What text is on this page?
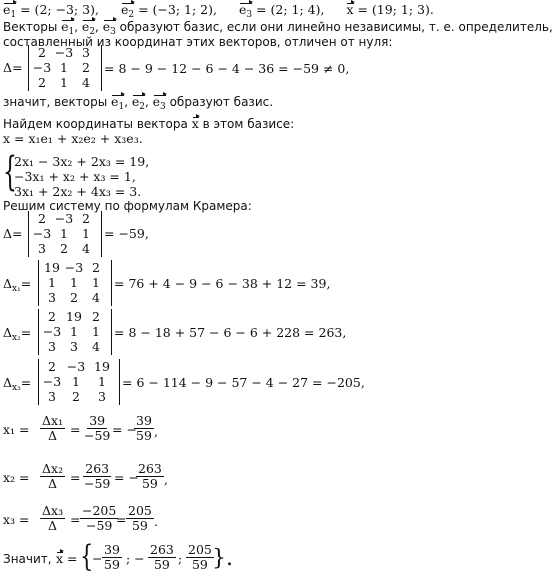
$e_1 = (2$; −3; 3), $e_2 = (-3$; 1; 2), $e_3 = (2$; 1; 4), x = (19; 1; 3).
Векторы $e_1$, $e_2$, $e_3$ образуют базис, если они линейно независимы, т. е. определитель,
составленный из координат этих векторов, отличен от нуля:
Δ=
2 −3 3
−3 1	2
2	1	4
= 8 − 9 − 12 − 6 − 4 − 36 = −59 ≠ 0,
значит, векторы $e_1$, $e_2$, $e_3$ образуют базис.
Найдем координаты вектора x в этом базисе:
x = x₁e₁ + x₂e₂ + x₃e₃.
{
2x₁ − 3x₂ + 2x₃ = 19,
−3x₁ + x₂ + x₃ = 1,
3x₁ + 2x₂ + 4x₃ = 3.
Решим систему по формулам Крамера:
Δ=
2 −3 2
−3 1	1
3	2	4
= −59,
$\Delta_{x_1}=$
19 −3 2
1	1	1
3	2	4
= 76 + 4 − 9 − 6 − 38 + 12 = 39,
$\Delta_{x_2}=$
2 19 2
−3 1	1
3	3	4
= 8 − 18 + 57 − 6 − 6 + 228 = 263,
$\Delta_{x_3}=$
2 −3 19
−3 1	1
3	2	3
= 6 − 114 − 9 − 57 − 4 − 27 = −205,
$x_1 = \frac{\text{Δx₁}}{\Delta} = \frac{39}{-59}$ = −
$\frac{39}{59}$ ,
$x_2 = \frac{\text{Δx₂}}{\Delta} = \frac{263}{-59}$ = −
$\frac{263}{59}$ ,
$x_3 = \frac{\text{Δx₃}}{\Delta} = \frac{-205}{-59}$
= $\frac{205}{59}$ .
Значит, x = {
− $\frac{39}{59}$ ; − $\frac{263}{59}$ ; $\frac{205}{59}$
}.
